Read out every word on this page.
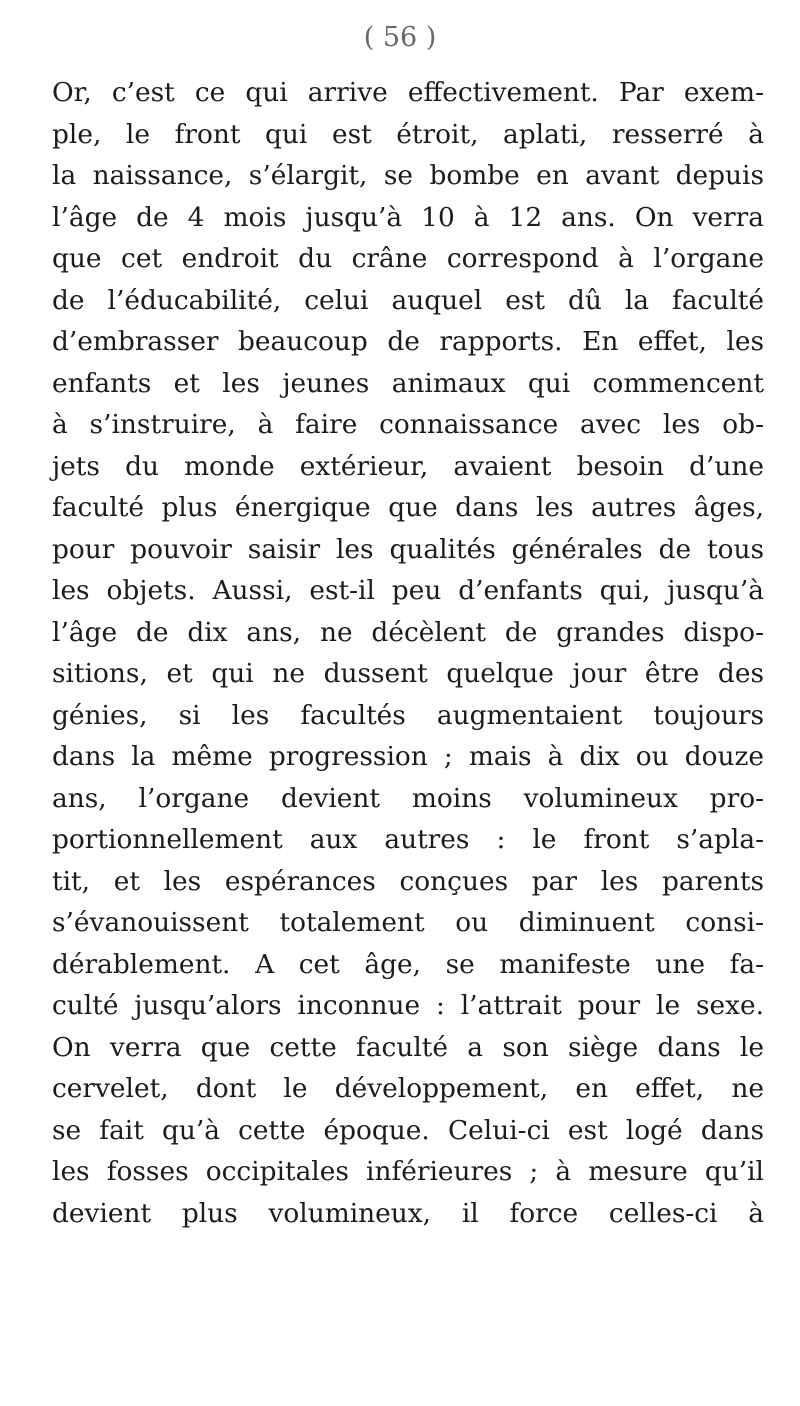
( 56 )
Or, c’est ce qui arrive effectivement. Par exem-
ple, le front qui est étroit, aplati, resserré à
la naissance, s’élargit, se bombe en avant depuis
l’âge de 4 mois jusqu’à 10 à 12 ans. On verra
que cet endroit du crâne correspond à l’organe
de l’éducabilité, celui auquel est dû la faculté
d’embrasser beaucoup de rapports. En effet, les
enfants et les jeunes animaux qui commencent
à s’instruire, à faire connaissance avec les ob-
jets du monde extérieur, avaient besoin d’une
faculté plus énergique que dans les autres âges,
pour pouvoir saisir les qualités générales de tous
les objets. Aussi, est-il peu d’enfants qui, jusqu’à
l’âge de dix ans, ne décèlent de grandes dispo-
sitions, et qui ne dussent quelque jour être des
génies, si les facultés augmentaient toujours
dans la même progression ; mais à dix ou douze
ans, l’organe devient moins volumineux pro-
portionnellement aux autres : le front s’apla-
tit, et les espérances conçues par les parents
s’évanouissent totalement ou diminuent consi-
dérablement. A cet âge, se manifeste une fa-
culté jusqu’alors inconnue : l’attrait pour le sexe.
On verra que cette faculté a son siège dans le
cervelet, dont le développement, en effet, ne
se fait qu’à cette époque. Celui-ci est logé dans
les fosses occipitales inférieures ; à mesure qu’il
devient plus volumineux, il force celles-ci à
